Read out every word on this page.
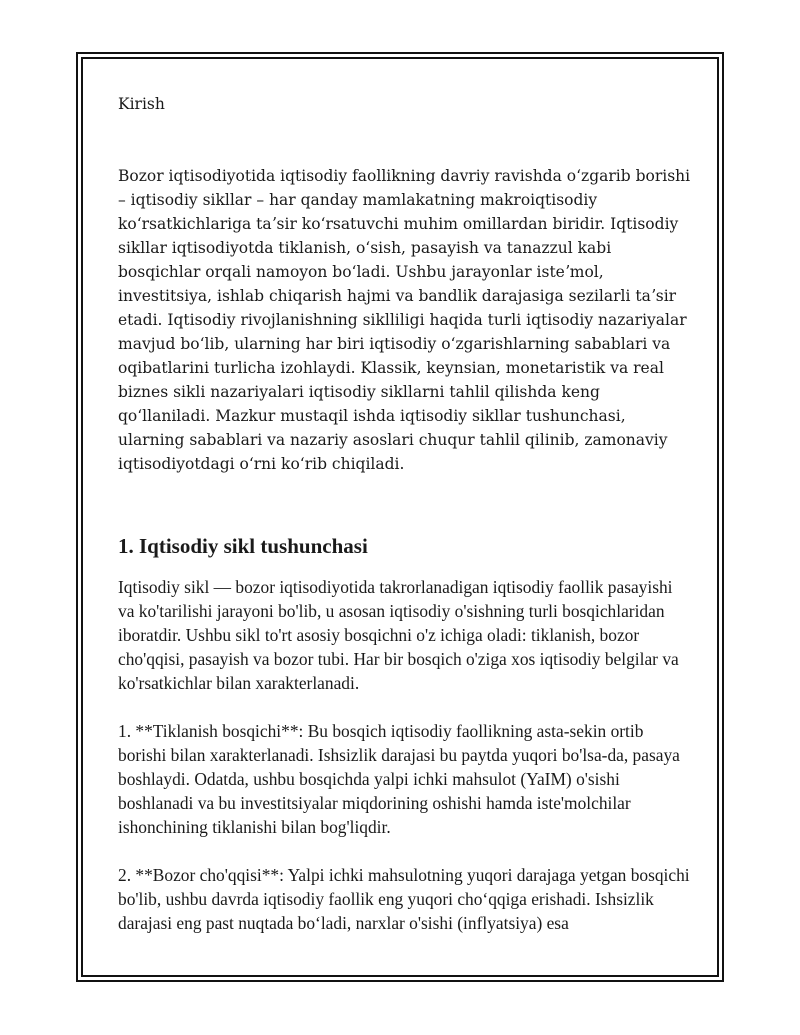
Kirish

Bozor iqtisodiyotida iqtisodiy faollikning davriy ravishda oʻzgarib borishi – iqtisodiy sikllar – har qanday mamlakatning makroiqtisodiy koʻrsatkichlariga taʼsir koʻrsatuvchi muhim omillardan biridir. Iqtisodiy sikllar iqtisodiyotda tiklanish, oʻsish, pasayish va tanazzul kabi bosqichlar orqali namoyon boʻladi. Ushbu jarayonlar isteʼmol, investitsiya, ishlab chiqarish hajmi va bandlik darajasiga sezilarli taʼsir etadi. Iqtisodiy rivojlanishning siklliligi haqida turli iqtisodiy nazariyalar mavjud boʻlib, ularning har biri iqtisodiy oʻzgarishlarning sabablari va oqibatlarini turlicha izohlaydi. Klassik, keynsian, monetaristik va real biznes sikli nazariyalari iqtisodiy sikllarni tahlil qilishda keng qoʻllaniladi. Mazkur mustaqil ishda iqtisodiy sikllar tushunchasi, ularning sabablari va nazariy asoslari chuqur tahlil qilinib, zamonaviy iqtisodiyotdagi oʻrni koʻrib chiqiladi.

1. Iqtisodiy sikl tushunchasi

Iqtisodiy sikl — bozor iqtisodiyotida takrorlanadigan iqtisodiy faollik pasayishi va ko'tarilishi jarayoni bo'lib, u asosan iqtisodiy o'sishning turli bosqichlaridan iboratdir. Ushbu sikl to'rt asosiy bosqichni o'z ichiga oladi: tiklanish, bozor cho'qqisi, pasayish va bozor tubi. Har bir bosqich o'ziga xos iqtisodiy belgilar va ko'rsatkichlar bilan xarakterlanadi.

1. **Tiklanish bosqichi**: Bu bosqich iqtisodiy faollikning asta-sekin ortib borishi bilan xarakterlanadi. Ishsizlik darajasi bu paytda yuqori bo'lsa-da, pasaya boshlaydi. Odatda, ushbu bosqichda yalpi ichki mahsulot (YaIM) o'sishi boshlanadi va bu investitsiyalar miqdorining oshishi hamda iste'molchilar ishonchining tiklanishi bilan bog'liqdir.

2. **Bozor cho'qqisi**: Yalpi ichki mahsulotning yuqori darajaga yetgan bosqichi bo'lib, ushbu davrda iqtisodiy faollik eng yuqori choʻqqiga erishadi. Ishsizlik darajasi eng past nuqtada boʻladi, narxlar o'sishi (inflyatsiya) esa
